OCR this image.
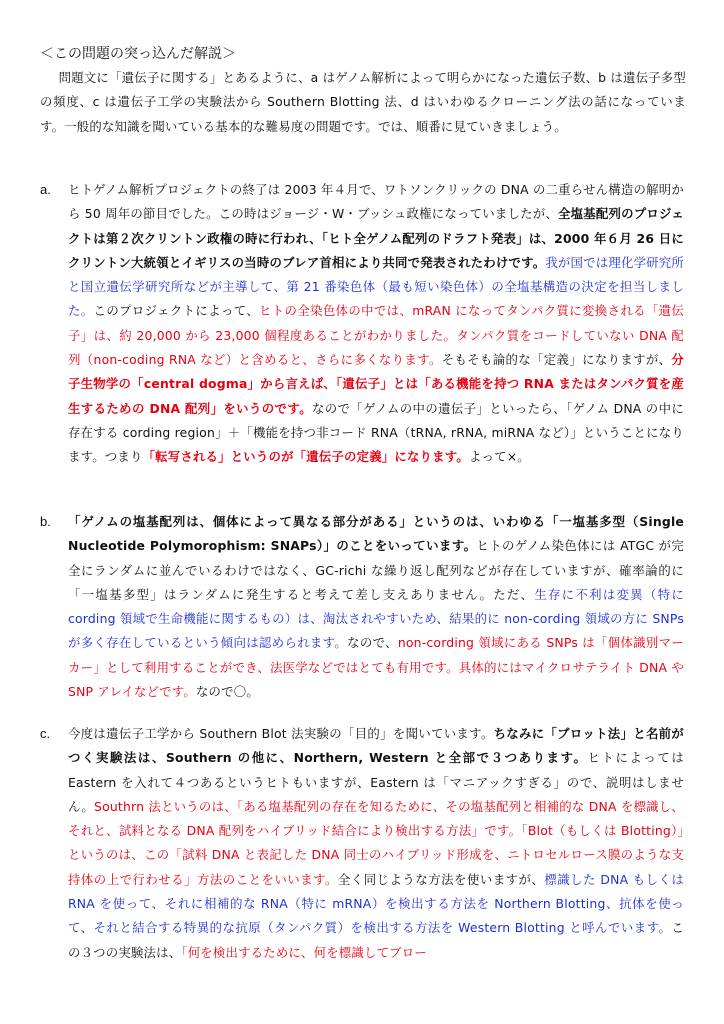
＜この問題の突っ込んだ解説＞
問題文に「遺伝子に関する」とあるように、a はゲノム解析によって明らかになった遺伝子数、b は遺伝子多型の頻度、c は遺伝子工学の実験法から Southern Blotting 法、d はいわゆるクローニング法の話になっています。一般的な知識を聞いている基本的な難易度の問題です。では、順番に見ていきましょう。
a.	ヒトゲノム解析プロジェクトの終了は 2003 年４月で、ワトソンクリックの DNA の二重らせん構造の解明から 50 周年の節目でした。この時はジョージ・W・ブッシュ政権になっていましたが、全塩基配列のプロジェクトは第２次クリントン政権の時に行われ、「ヒト全ゲノム配列のドラフト発表」は、2000 年６月 26 日にクリントン大統領とイギリスの当時のブレア首相により共同で発表されたわけです。我が国では理化学研究所と国立遺伝学研究所などが主導して、第 21 番染色体（最も短い染色体）の全塩基構造の決定を担当しました。このプロジェクトによって、ヒトの全染色体の中では、mRAN になってタンパク質に変換される「遺伝子」は、約 20,000 から 23,000 個程度あることがわかりました。タンパク質をコードしていない DNA 配列（non-coding RNA など）と含めると、さらに多くなります。そもそも論的な「定義」になりますが、分子生物学の「central dogma」から言えば、「遺伝子」とは「ある機能を持つ RNA またはタンパク質を産生するための DNA 配列」をいうのです。なので「ゲノムの中の遺伝子」といったら、「ゲノム DNA の中に存在する cording region」＋「機能を持つ非コード RNA（tRNA, rRNA, miRNA など）」ということになります。つまり「転写される」というのが「遺伝子の定義」になります。よって×。
b.	「ゲノムの塩基配列は、個体によって異なる部分がある」というのは、いわゆる「一塩基多型（Single Nucleotide Polymorophism: SNAPs）」のことをいっています。ヒトのゲノム染色体には ATGC が完全にランダムに並んでいるわけではなく、GC-richi な繰り返し配列などが存在していますが、確率論的に「一塩基多型」はランダムに発生すると考えて差し支えありません。ただ、生存に不利は変異（特に cording 領域で生命機能に関するもの）は、淘汰されやすいため、結果的に non-cording 領域の方に SNPs が多く存在しているという傾向は認められます。なので、non-cording 領域にある SNPs は「個体識別マーカー」として利用することができ、法医学などではとても有用です。具体的にはマイクロサテライト DNA や SNP アレイなどです。なので〇。
c.	今度は遺伝子工学から Southern Blot 法実験の「目的」を聞いています。ちなみに「ブロット法」と名前がつく実験法は、Southern の他に、Northern, Western と全部で３つあります。ヒトによっては Eastern を入れて４つあるというヒトもいますが、Eastern は「マニアックすぎる」ので、説明はしません。Southrn 法というのは、「ある塩基配列の存在を知るために、その塩基配列と相補的な DNA を標識し、それと、試料となる DNA 配列をハイブリッド結合により検出する方法」です。「Blot（もしくは Blotting）」というのは、この「試料 DNA と表記した DNA 同士のハイブリッド形成を、ニトロセルロース膜のような支持体の上で行わせる」方法のことをいいます。全く同じような方法を使いますが、標識した DNA もしくは RNA を使って、それに相補的な RNA（特に mRNA）を検出する方法を Northern Blotting、抗体を使って、それと結合する特異的な抗原（タンパク質）を検出する方法を Western Blotting と呼んでいます。この３つの実験法は、「何を検出するために、何を標識してブロー
